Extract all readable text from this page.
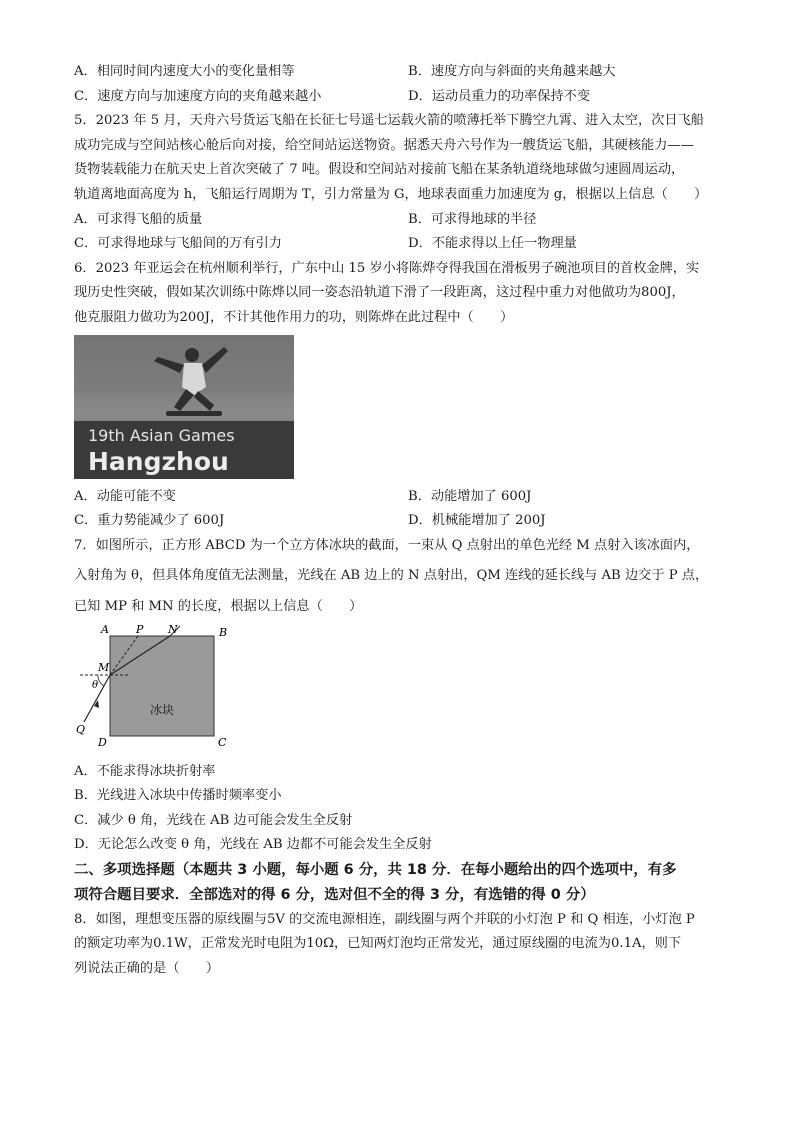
A．相同时间内速度大小的变化量相等	B．速度方向与斜面的夹角越来越大
C．速度方向与加速度方向的夹角越来越小	D．运动员重力的功率保持不变
5．2023 年 5 月，天舟六号货运飞船在长征七号遥七运载火箭的喷薄托举下腾空九霄、进入太空，次日飞船
成功完成与空间站核心舱后向对接，给空间站运送物资。据悉天舟六号作为一艘货运飞船，其硬核能力——
货物装载能力在航天史上首次突破了 7 吨。假设和空间站对接前飞船在某条轨道绕地球做匀速圆周运动，
轨道离地面高度为 h，飞船运行周期为 T，引力常量为 G，地球表面重力加速度为 g，根据以上信息（　　）
A．可求得飞船的质量	B．可求得地球的半径
C．可求得地球与飞船间的万有引力	D．不能求得以上任一物理量
6．2023 年亚运会在杭州顺利举行，广东中山 15 岁小将陈烨夺得我国在滑板男子碗池项目的首枚金牌，实
现历史性突破，假如某次训练中陈烨以同一姿态沿轨道下滑了一段距离，这过程中重力对他做功为800J，
他克服阻力做功为200J，不计其他作用力的功，则陈烨在此过程中（　　）
19th Asian Games
Hangzhou
A．动能可能不变	B．动能增加了 600J
C．重力势能减少了 600J	D．机械能增加了 200J
7．如图所示，正方形 ABCD 为一个立方体冰块的截面，一束从 Q 点射出的单色光经 M 点射入该冰面内，
入射角为 θ，但具体角度值无法测量，光线在 AB 边上的 N 点射出，QM 连线的延长线与 AB 边交于 P 点，
已知 MP 和 MN 的长度，根据以上信息（　　）
A P N	B
M
θ
Q
D	C
冰块
A．不能求得冰块折射率
B．光线进入冰块中传播时频率变小
C．减少 θ 角，光线在 AB 边可能会发生全反射
D．无论怎么改变 θ 角，光线在 AB 边都不可能会发生全反射
二、多项选择题（本题共 3 小题，每小题 6 分，共 18 分．在每小题给出的四个选项中，有多
项符合题目要求．全部选对的得 6 分，选对但不全的得 3 分，有选错的得 0 分）
8．如图，理想变压器的原线圈与5V 的交流电源相连，副线圈与两个并联的小灯泡 P 和 Q 相连，小灯泡 P
的额定功率为0.1W，正常发光时电阻为10Ω，已知两灯泡均正常发光，通过原线圈的电流为0.1A，则下
列说法正确的是（　　）
